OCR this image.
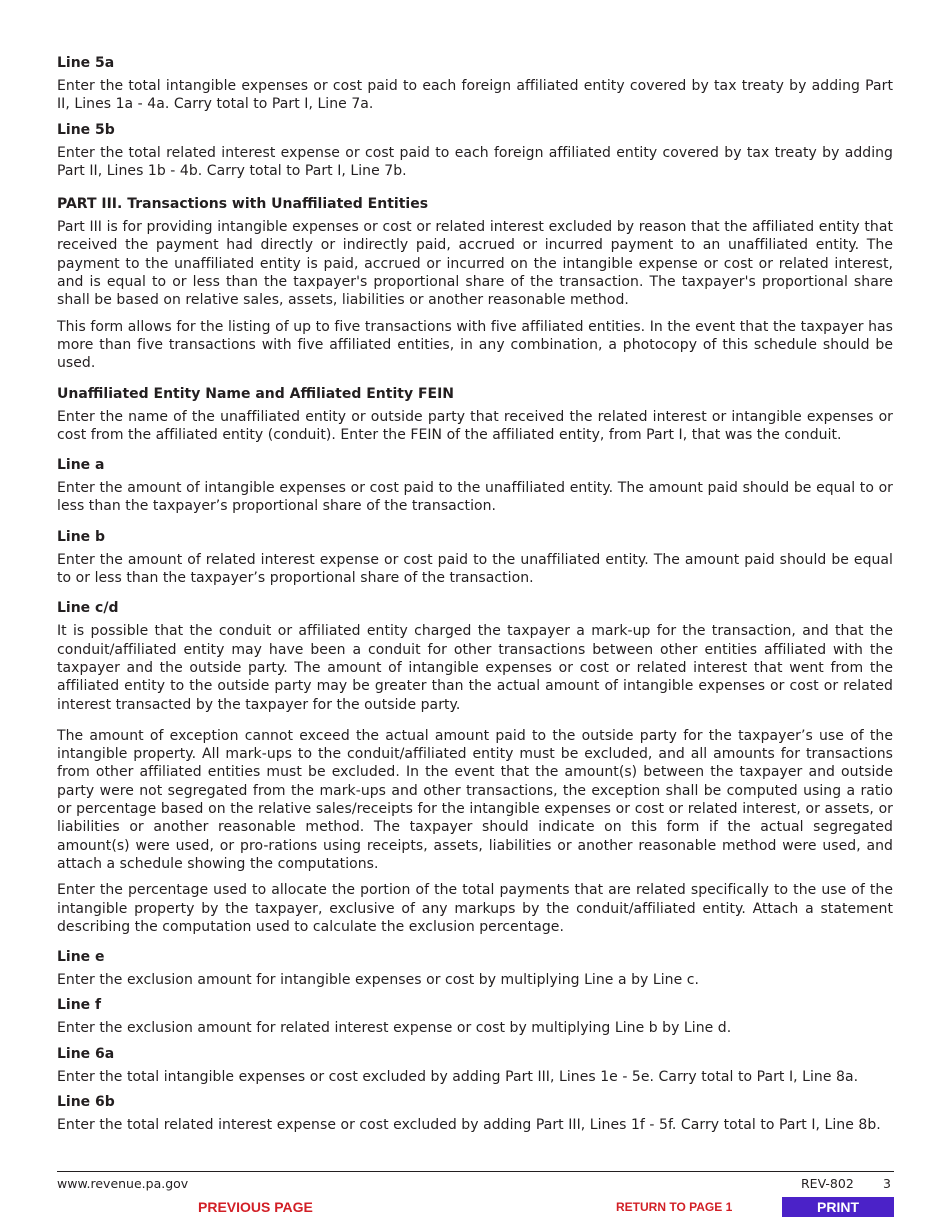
Line 5a

Enter the total intangible expenses or cost paid to each foreign affiliated entity covered by tax treaty by adding Part II, Lines 1a - 4a. Carry total to Part I, Line 7a.

Line 5b

Enter the total related interest expense or cost paid to each foreign affiliated entity covered by tax treaty by adding Part II, Lines 1b - 4b. Carry total to Part I, Line 7b.

PART III. Transactions with Unaffiliated Entities

Part III is for providing intangible expenses or cost or related interest excluded by reason that the affiliated entity that received the payment had directly or indirectly paid, accrued or incurred payment to an unaffiliated entity. The payment to the unaffiliated entity is paid, accrued or incurred on the intangible expense or cost or related interest, and is equal to or less than the taxpayer's proportional share of the transaction. The taxpayer's proportional share shall be based on relative sales, assets, liabilities or another reasonable method.

This form allows for the listing of up to five transactions with five affiliated entities. In the event that the taxpayer has more than five transactions with five affiliated entities, in any combination, a photocopy of this schedule should be used.

Unaffiliated Entity Name and Affiliated Entity FEIN

Enter the name of the unaffiliated entity or outside party that received the related interest or intangible expenses or cost from the affiliated entity (conduit). Enter the FEIN of the affiliated entity, from Part I, that was the conduit.

Line a

Enter the amount of intangible expenses or cost paid to the unaffiliated entity. The amount paid should be equal to or less than the taxpayer’s proportional share of the transaction.

Line b

Enter the amount of related interest expense or cost paid to the unaffiliated entity. The amount paid should be equal to or less than the taxpayer’s proportional share of the transaction.

Line c/d

It is possible that the conduit or affiliated entity charged the taxpayer a mark-up for the transaction, and that the conduit/affiliated entity may have been a conduit for other transactions between other entities affiliated with the taxpayer and the outside party. The amount of intangible expenses or cost or related interest that went from the affiliated entity to the outside party may be greater than the actual amount of intangible expenses or cost or related interest transacted by the taxpayer for the outside party.

The amount of exception cannot exceed the actual amount paid to the outside party for the taxpayer’s use of the intangible property. All mark-ups to the conduit/affiliated entity must be excluded, and all amounts for transactions from other affiliated entities must be excluded. In the event that the amount(s) between the taxpayer and outside party were not segregated from the mark-ups and other transactions, the exception shall be computed using a ratio or percentage based on the relative sales/receipts for the intangible expenses or cost or related interest, or assets, or liabilities or another reasonable method. The taxpayer should indicate on this form if the actual segregated amount(s) were used, or pro-rations using receipts, assets, liabilities or another reasonable method were used, and attach a schedule showing the computations.

Enter the percentage used to allocate the portion of the total payments that are related specifically to the use of the intangible property by the taxpayer, exclusive of any markups by the conduit/affiliated entity. Attach a statement describing the computation used to calculate the exclusion percentage.

Line e

Enter the exclusion amount for intangible expenses or cost by multiplying Line a by Line c.

Line f

Enter the exclusion amount for related interest expense or cost by multiplying Line b by Line d.

Line 6a

Enter the total intangible expenses or cost excluded by adding Part III, Lines 1e - 5e. Carry total to Part I, Line 8a.

Line 6b

Enter the total related interest expense or cost excluded by adding Part III, Lines 1f - 5f. Carry total to Part I, Line 8b.

www.revenue.pa.gov	REV-802 3
PREVIOUS PAGE	RETURN TO PAGE 1	PRINT
